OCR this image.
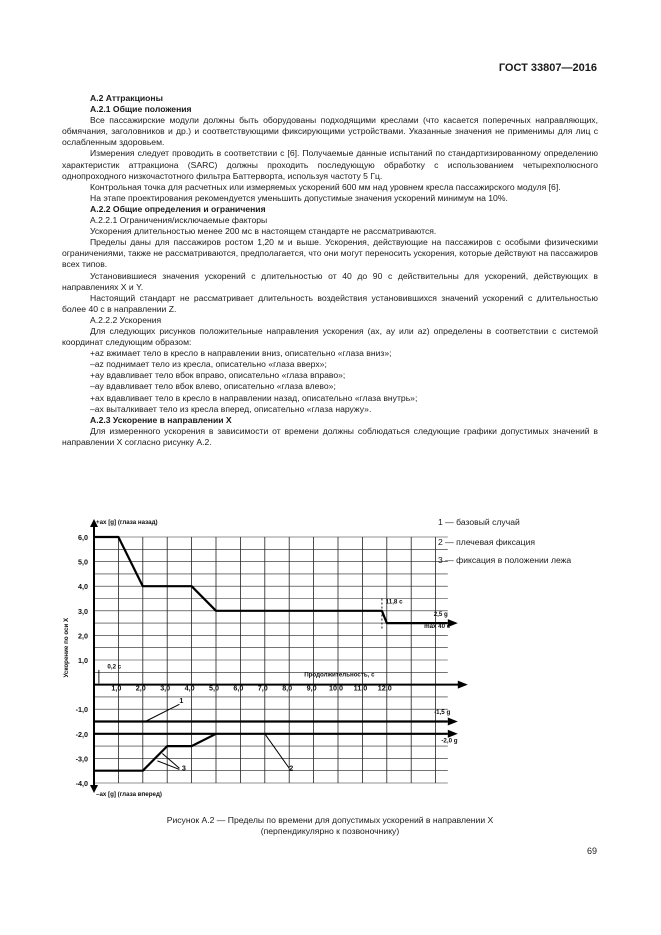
ГОСТ 33807—2016

А.2 Аттракционы

А.2.1 Общие положения

Все пассажирские модули должны быть оборудованы подходящими креслами (что касается поперечных направляющих, обмячания, заголовников и др.) и соответствующими фиксирующими устройствами. Указанные значения не применимы для лиц с ослабленным здоровьем.

Измерения следует проводить в соответствии с [6]. Получаемые данные испытаний по стандартизированному определению характеристик аттракциона (SARC) должны проходить последующую обработку с использованием четырехполюсного однопроходного низкочастотного фильтра Баттерворта, используя частоту 5 Гц.

Контрольная точка для расчетных или измеряемых ускорений 600 мм над уровнем кресла пассажирского модуля [6].

На этапе проектирования рекомендуется уменьшить допустимые значения ускорений минимум на 10%.

А.2.2 Общие определения и ограничения

А.2.2.1 Ограничения/исключаемые факторы

Ускорения длительностью менее 200 мс в настоящем стандарте не рассматриваются.

Пределы даны для пассажиров ростом 1,20 м и выше. Ускорения, действующие на пассажиров с особыми физическими ограничениями, также не рассматриваются, предполагается, что они могут переносить ускорения, которые действуют на пассажиров всех типов.

Установившиеся значения ускорений с длительностью от 40 до 90 с действительны для ускорений, действующих в направлениях X и Y.

Настоящий стандарт не рассматривает длительность воздействия установившихся значений ускорений с длительностью более 40 с в направлении Z.

А.2.2.2 Ускорения

Для следующих рисунков положительные направления ускорения (ax, ay или az) определены в соответствии с системой координат следующим образом:

+az вжимает тело в кресло в направлении вниз, описательно «глаза вниз»;

–az поднимает тело из кресла, описательно «глаза вверх»;

+ay вдавливает тело вбок вправо, описательно «глаза вправо»;

–ay вдавливает тело вбок влево, описательно «глаза влево»;

+ax вдавливает тело в кресло в направлении назад, описательно «глаза внутрь»;

–ax выталкивает тело из кресла вперед, описательно «глаза наружу».

А.2.3 Ускорение в направлении X

Для измеренного ускорения в зависимости от времени должны соблюдаться следующие графики допустимых значений в направлении X согласно рисунку А.2.

6,0
5,0
4,0
3,0
2,0
1,0
-1,0
-2,0
-3,0
-4,0
1,0 2,0 3,0 4,0 5,0 6,0 7,0 8,0 9,0 10,0 11,0 12,0
+ax [g] (глаза назад)
–ax [g] (глаза вперед)
Продолжительность, с
Ускорение по оси X	0,2 с
11,8 с
2,5 g
max 40 с
-1,5 g
-2,0 g
1
2
3
1 — базовый случай
2 — плечевая фиксация
3 — фиксация в положении лежа
Рисунок А.2 — Пределы по времени для допустимых ускорений в направлении X
(перпендикулярно к позвоночнику)
69
